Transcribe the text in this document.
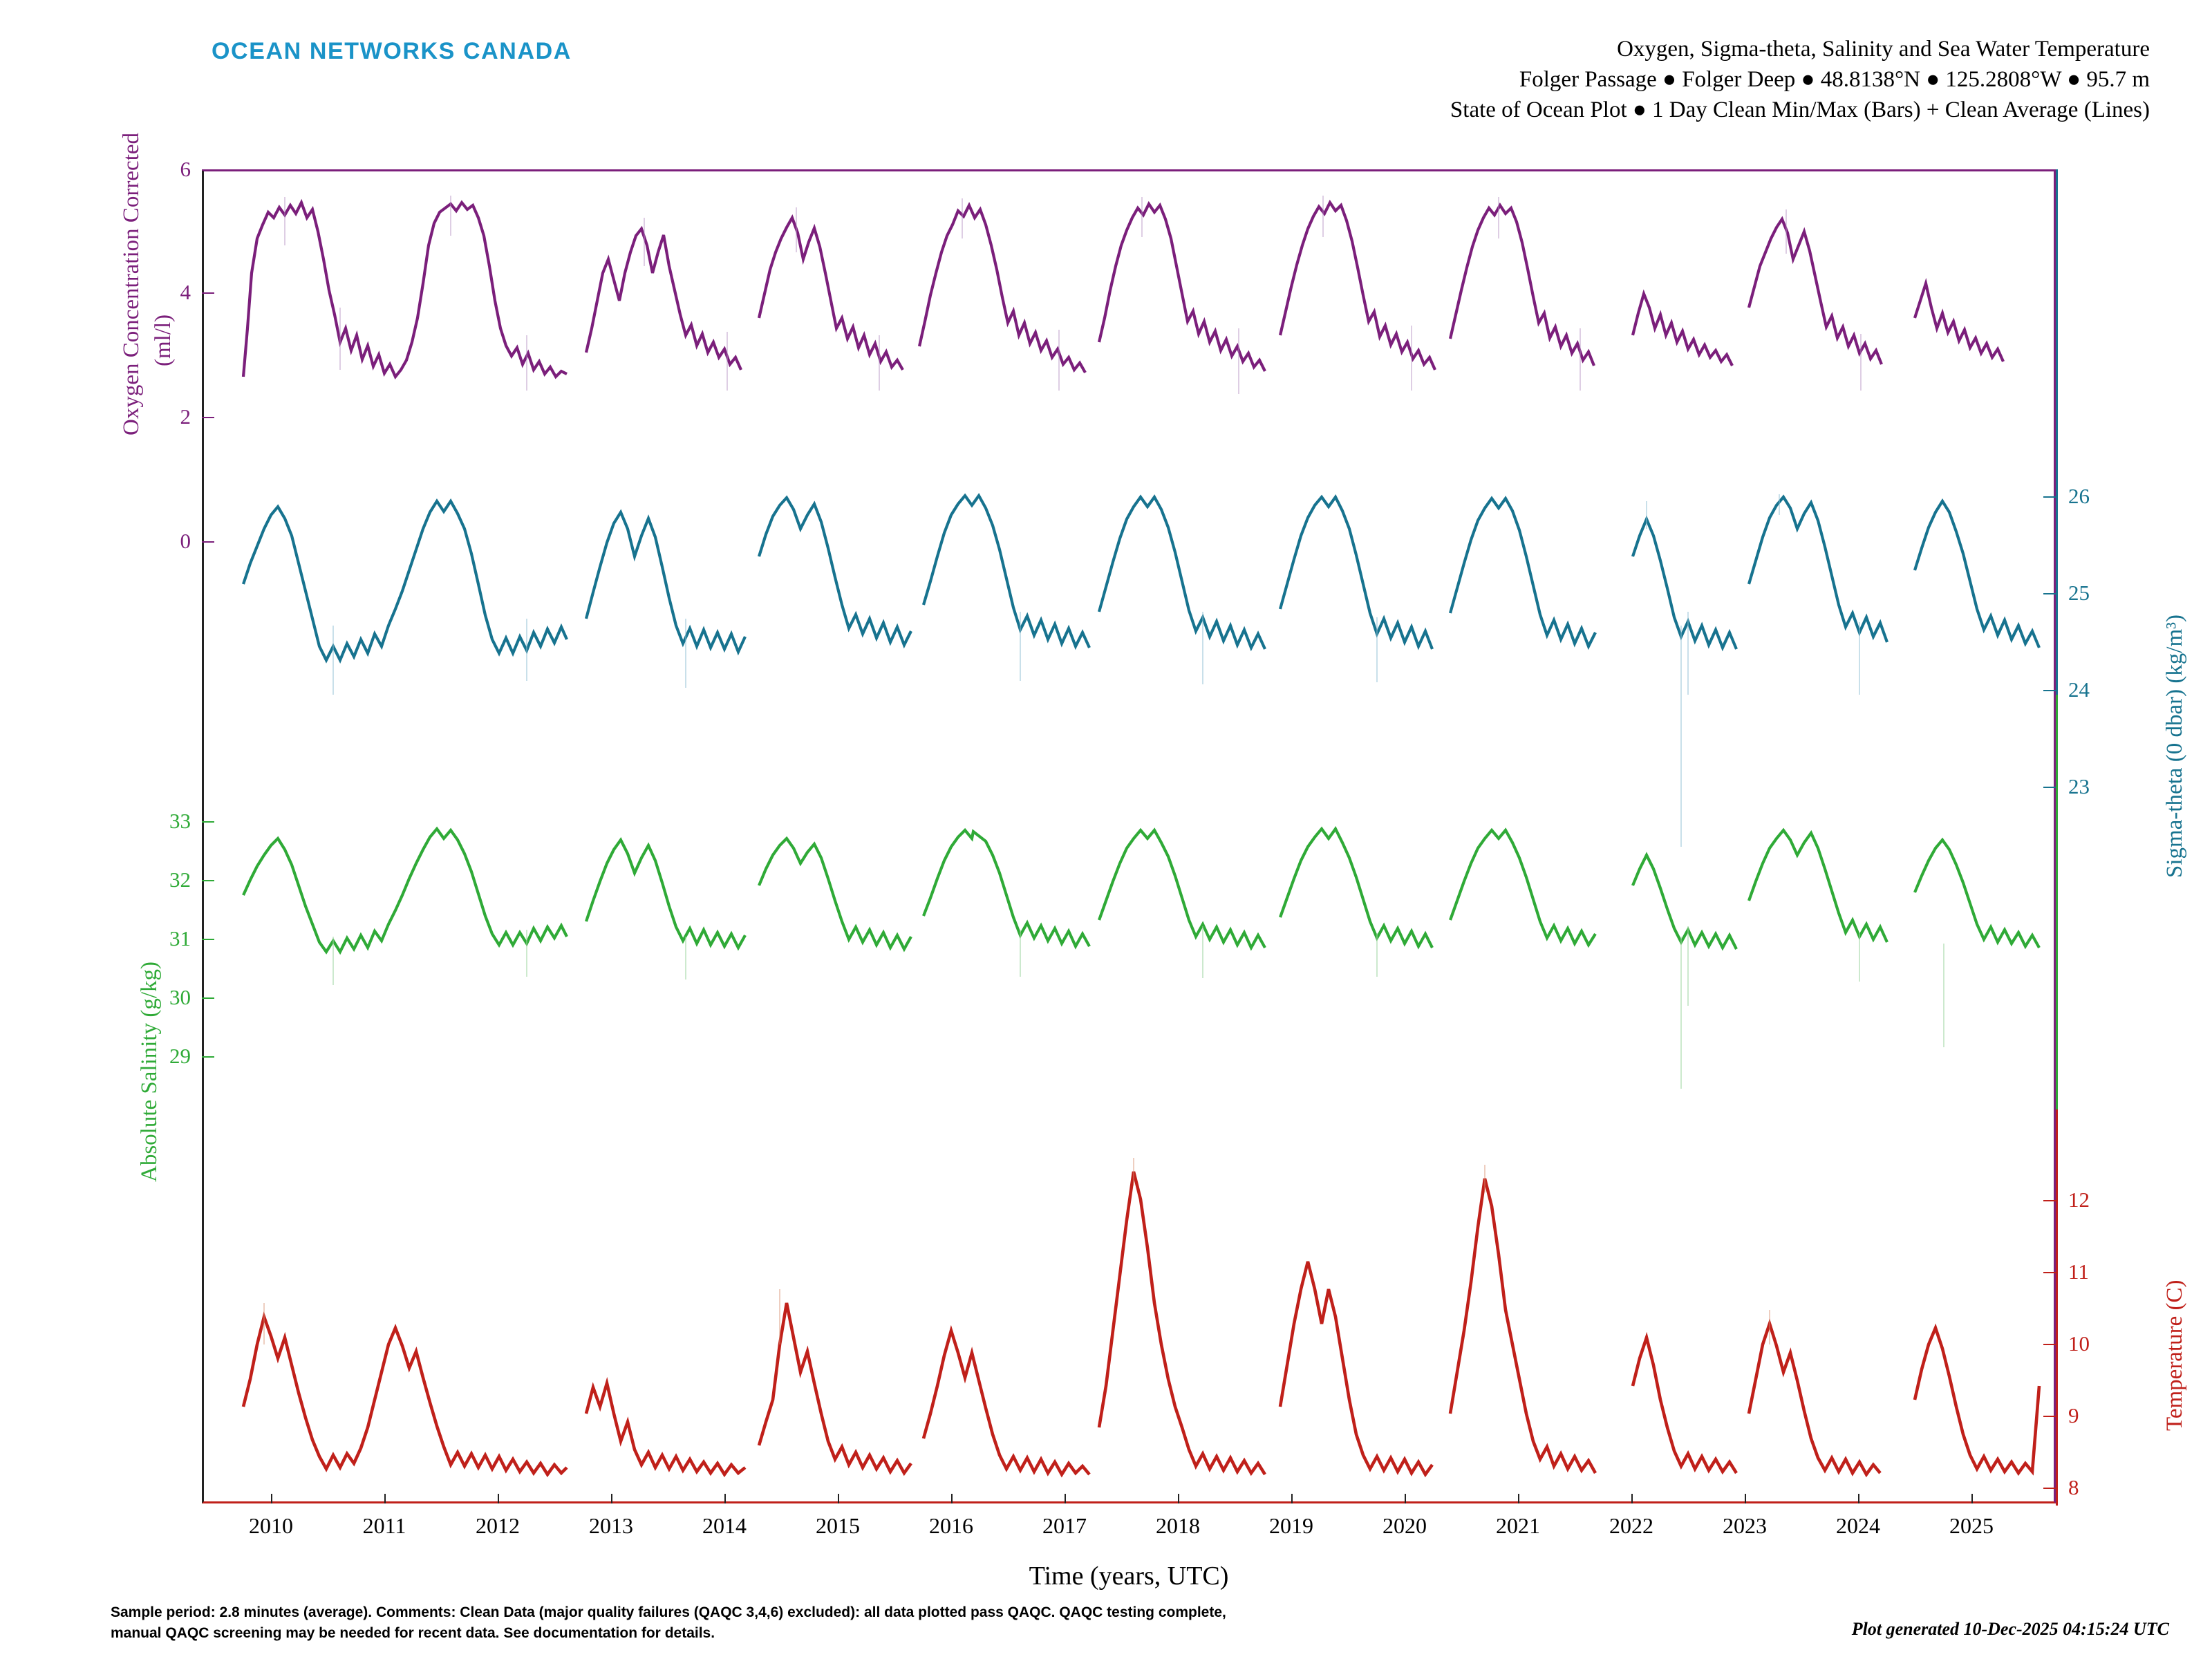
OCEAN NETWORKS CANADA	Oxygen, Sigma-theta, Salinity and Sea Water Temperature
Folger Passage ● Folger Deep ● 48.8138°N ● 125.2808°W ● 95.7 m
State of Ocean Plot ● 1 Day Clean Min/Max (Bars) + Clean Average (Lines)
6
4
2
0
33
32
31
30
29
26
25
24
23
12
11
10
9
8
2010	2011	2012	2013	2014	2015	2016	2017	2018	2019	2020	2021	2022	2023	2024	2025
Oxygen Concentration Corrected (ml/l)
Absolute Salinity (g/kg)
Sigma-theta (0 dbar) (kg/m³)
Temperature (C)
Time (years, UTC)
Sample period: 2.8 minutes (average). Comments: Clean Data (major quality failures (QAQC 3,4,6) excluded): all data plotted pass QAQC. QAQC testing complete,
manual QAQC screening may be needed for recent data. See documentation for details.	Plot generated 10-Dec-2025 04:15:24 UTC
